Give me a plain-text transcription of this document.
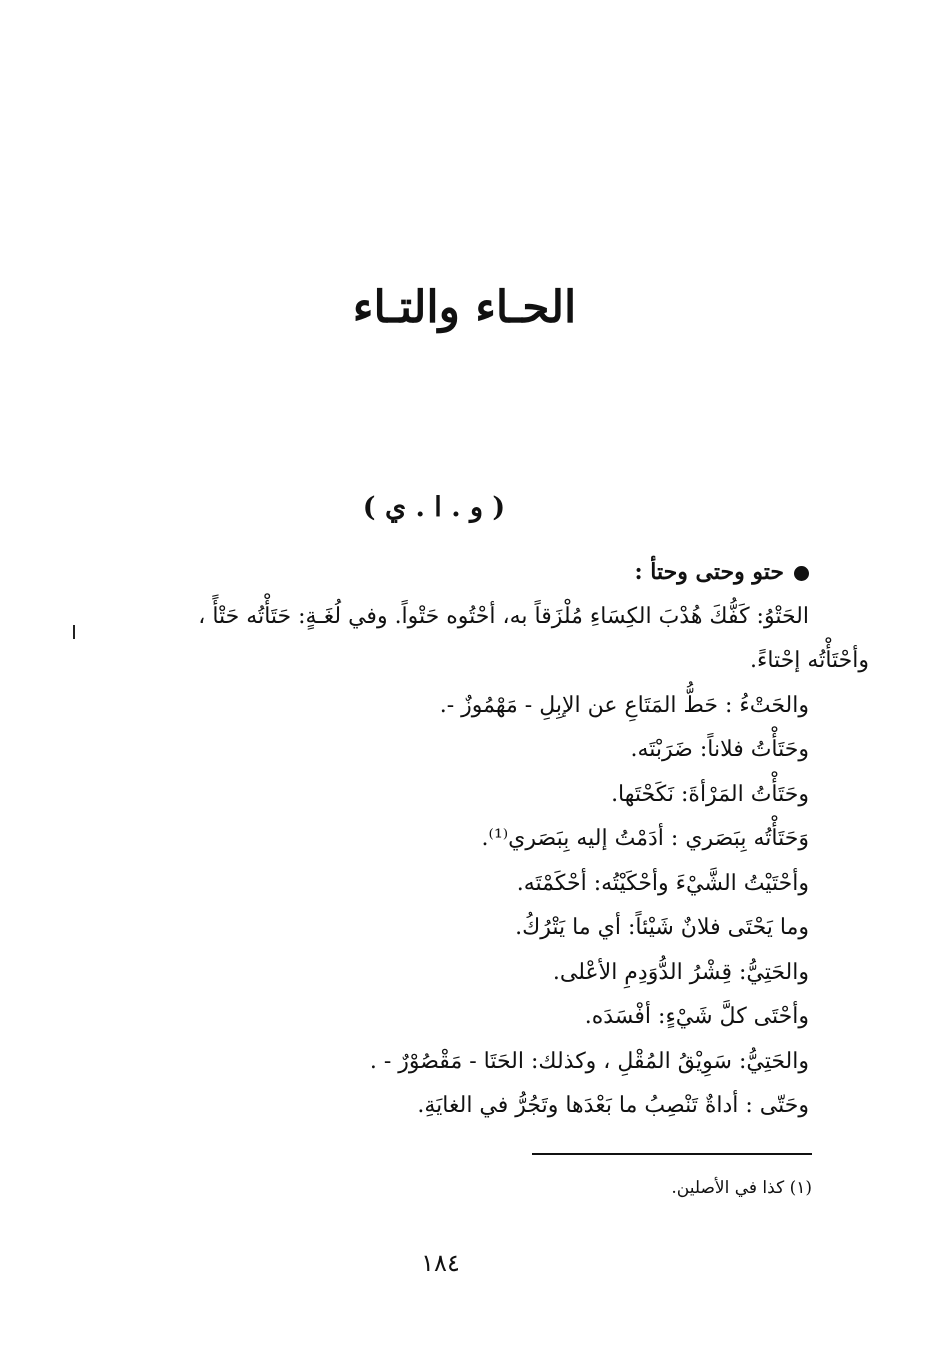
الحـاء والتـاء
( و . ا . ي )
حتو وحتى وحتأ :
الحَتْوُ: كَفُّكَ هُدْبَ الكِسَاءِ مُلْزَقاً به، أحْتُوه حَتْواً. وفي لُغَـةٍ: حَتَأْتُه حَتْأً ،
وأحْتَأْتُه إحْتاءً.
والحَتْءُ : حَطُّ المَتَاعِ عن الإبِلِ - مَهْمُوزٌ -.
وحَتَأْتُ فلاناً: ضَرَبْتَه.
وحَتَأْتُ المَرْأةَ: نَكَحْتَها.
وَحَتَأْتُه بِبَصَري : أدَمْتُ إليه بِبَصَري⁽¹⁾.
وأحْتَيْتُ الشَّيْءَ وأحْكَيْتُه: أحْكَمْتَه.
وما يَحْتَى فلانٌ شَيْئاً: أي ما يَتْرُكُ.
والحَتِيُّ: قِشْرُ الدُّوَدِمِ الأعْلى.
وأحْتَى كلَّ شَيْءٍ: أفْسَدَه.
والحَتِيُّ: سَوِيْقُ المُقْلِ ، وكذلك: الحَتَا - مَقْصُوْرٌ - .
وحَتّى : أداةٌ تَنْصِبُ ما بَعْدَها وتَجُرُّ في الغايَةِ.
(١) كذا في الأصلين.
١٨٤
